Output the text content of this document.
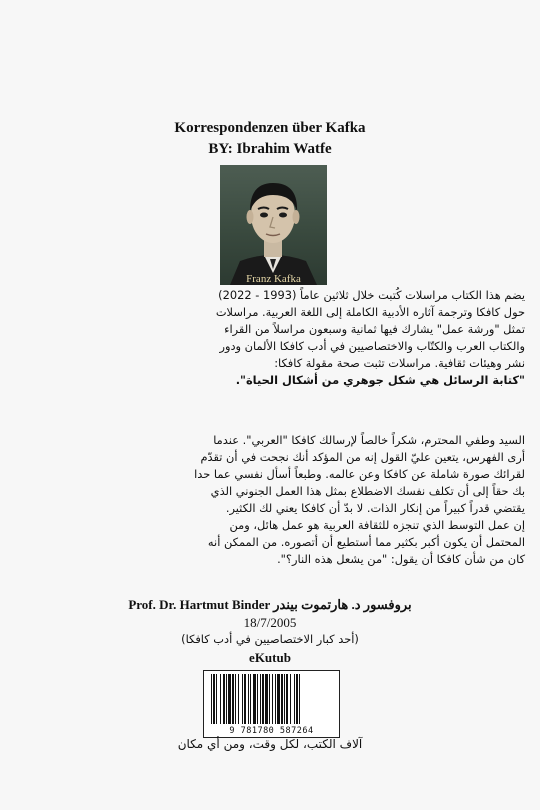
Korrespondenzen über Kafka
BY: Ibrahim Watfe
Franz Kafka
يضم هذا الكتاب مراسلات كُتبت خلال ثلاثين عاماً (1993 - 2022)
حول كافكا وترجمة آثاره الأدبية الكاملة إلى اللغة العربية. مراسلات
تمثل "ورشة عمل" يشارك فيها ثمانية وسبعون مراسلاً من القراء
والكتاب العرب والكتّاب والاختصاصيين في أدب كافكا الألمان ودور
نشر وهيئات ثقافية. مراسلات تثبت صحة مقولة كافكا:
"كتابة الرسائل هي شكل جوهري من أشكال الحياة".
السيد وطفي المحترم، شكراً خالصاً لإرسالك كافكا "العربي". عندما
أرى الفهرس، يتعين عليّ القول إنه من المؤكد أنك نجحت في أن تقدّم
لقرائك صورة شاملة عن كافكا وعن عالمه. وطبعاً أسأل نفسي عما حدا
بك حقاً إلى أن تكلف نفسك الاضطلاع بمثل هذا العمل الجنوني الذي
يقتضي قدراً كبيراً من إنكار الذات. لا بدّ أن كافكا يعني لك الكثير.
إن عمل التوسط الذي تنجزه للثقافة العربية هو عمل هائل، ومن
المحتمل أن يكون أكبر بكثير مما أستطيع أن أتصوره. من الممكن أنه
كان من شأن كافكا أن يقول: "من يشعل هذه النار؟".
Prof. Dr. Hartmut Binder بروفسور د. هارتموت بيندر
18/7/2005
(أحد كبار الاختصاصيين في أدب كافكا)
eKutub
9 781780 587264
آلاف الكتب، لكل وقت، ومن أي مكان
